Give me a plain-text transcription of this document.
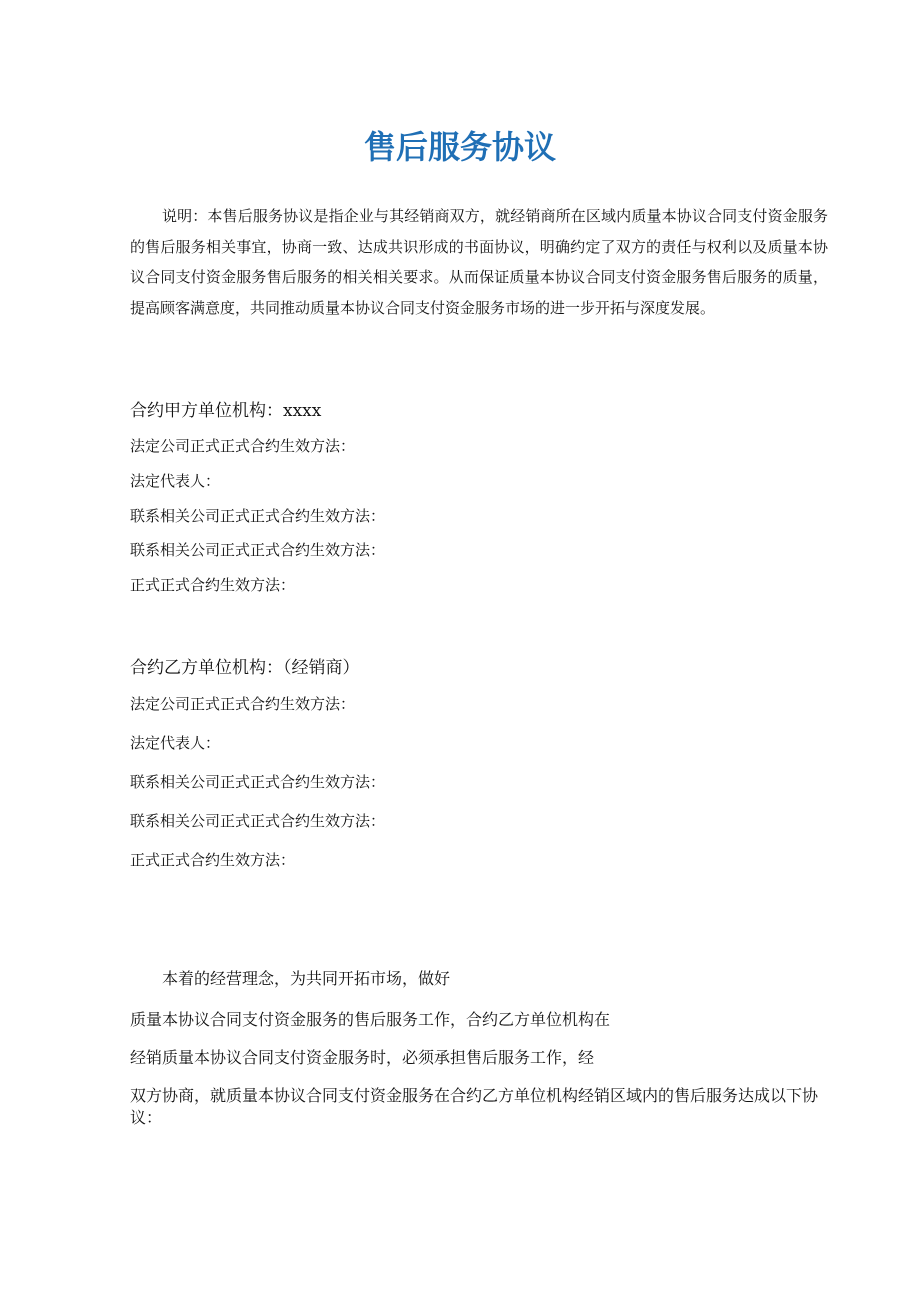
售后服务协议

说明：本售后服务协议是指企业与其经销商双方，就经销商所在区域内质量本协议合同支付资金服务的售后服务相关事宜，协商一致、达成共识形成的书面协议，明确约定了双方的责任与权利以及质量本协议合同支付资金服务售后服务的相关相关要求。从而保证质量本协议合同支付资金服务售后服务的质量，提高顾客满意度，共同推动质量本协议合同支付资金服务市场的进一步开拓与深度发展。

合约甲方单位机构：xxxx
法定公司正式正式合约生效方法：
法定代表人：
联系相关公司正式正式合约生效方法：
联系相关公司正式正式合约生效方法：
正式正式合约生效方法：
合约乙方单位机构：（经销商）
法定公司正式正式合约生效方法：
法定代表人：
联系相关公司正式正式合约生效方法：
联系相关公司正式正式合约生效方法：
正式正式合约生效方法：

本着的经营理念，为共同开拓市场，做好

质量本协议合同支付资金服务的售后服务工作，合约乙方单位机构在

经销质量本协议合同支付资金服务时，必须承担售后服务工作，经

双方协商，就质量本协议合同支付资金服务在合约乙方单位机构经销区域内的售后服务达成以下协议：
